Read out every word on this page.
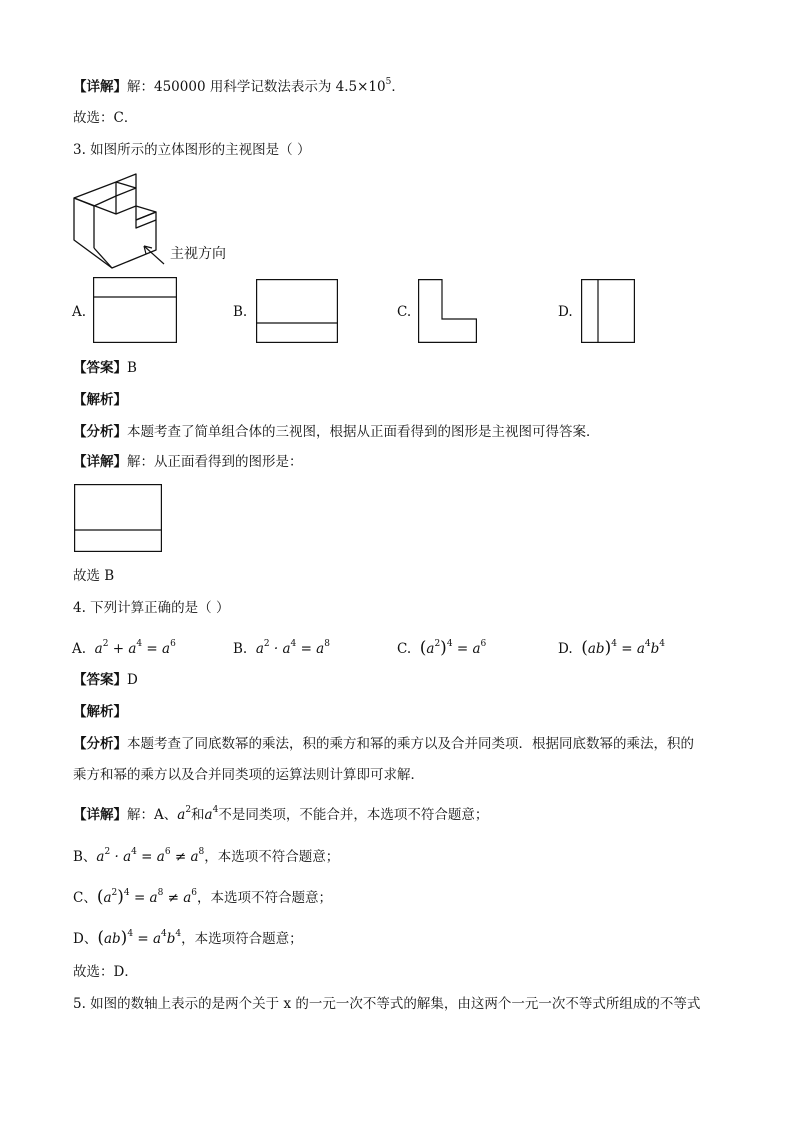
【详解】解：450000 用科学记数法表示为 $4.5\times 10^5$．
故选：C．
3. 如图所示的立体图形的主视图是（ ）
主视方向
A.	B.	C.	D.
【答案】B
【解析】
【分析】本题考查了简单组合体的三视图，根据从正面看得到的图形是主视图可得答案．
【详解】解：从正面看得到的图形是：
故选 B
4. 下列计算正确的是（ ）
A. $a^2 + a^4 = a^6$	B. $a^2 \cdot a^4 = a^8$	C. $(a^2)^4 = a^6$	D. $(ab)^4 = a^4b^4$
【答案】D
【解析】
【分析】本题考查了同底数幂的乘法，积的乘方和幂的乘方以及合并同类项．根据同底数幂的乘法，积的
乘方和幂的乘方以及合并同类项的运算法则计算即可求解．
【详解】解：A、$a^2$和$a^4$不是同类项，不能合并，本选项不符合题意；
B、$a^2 \cdot a^4 = a^6 \ne a^8$，本选项不符合题意；
C、$(a^2)^4 = a^8 \ne a^6$，本选项不符合题意；
D、$(ab)^4 = a^4b^4$，本选项符合题意；
故选：D．
5. 如图的数轴上表示的是两个关于 x 的一元一次不等式的解集，由这两个一元一次不等式所组成的不等式
